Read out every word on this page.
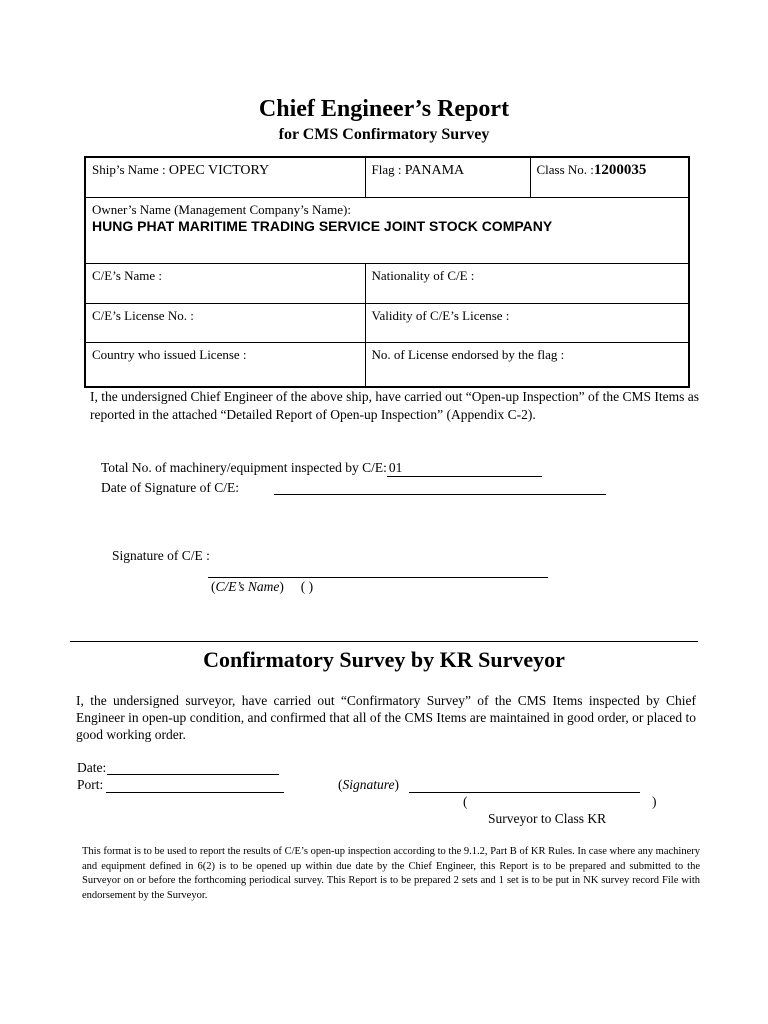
Chief Engineer’s Report
for CMS Confirmatory Survey
Ship’s Name : OPEC VICTORY	Flag : PANAMA	Class No. :1200035

Owner’s Name (Management Company’s Name):
HUNG PHAT MARITIME TRADING SERVICE JOINT STOCK COMPANY		

C/E’s Name :	Nationality of C/E :	
C/E’s License No. :	Validity of C/E’s License :	
Country who issued License :	No. of License endorsed by the flag :	
I, the undersigned Chief Engineer of the above ship, have carried out “Open-up Inspection” of the CMS Items as reported in the attached “Detailed Report of Open-up Inspection” (Appendix C-2).
Total No. of machinery/equipment inspected by C/E: 01
Date of Signature of C/E:
Signature of C/E :
(C/E’s Name)     ( )
Confirmatory Survey by KR Surveyor
I, the undersigned surveyor, have carried out “Confirmatory Survey” of the CMS Items inspected by Chief Engineer in open-up condition, and confirmed that all of the CMS Items are maintained in good order, or placed to good working order.
Date:
Port:	(Signature)
(	)
Surveyor to Class KR
This format is to be used to report the results of C/E’s open-up inspection according to the 9.1.2, Part B of KR Rules. In case where any machinery and equipment defined in 6(2) is to be opened up within due date by the Chief Engineer, this Report is to be prepared and submitted to the Surveyor on or before the forthcoming periodical survey. This Report is to be prepared 2 sets and 1 set is to be put in NK survey record File with endorsement by the Surveyor.
